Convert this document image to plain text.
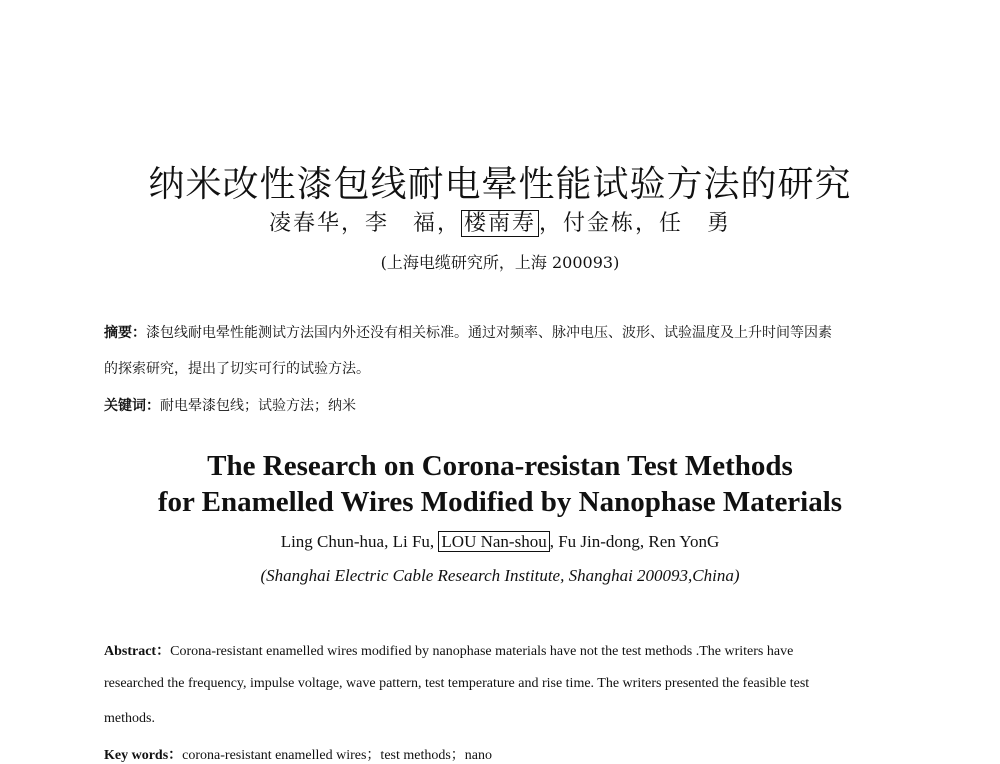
纳米改性漆包线耐电晕性能试验方法的研究
凌春华，李　福， 楼南寿 ，付金栋，任　勇
(上海电缆研究所，上海 200093)
摘要：漆包线耐电晕性能测试方法国内外还没有相关标准。通过对频率、脉冲电压、波形、试验温度及上升时间等因素
的探索研究，提出了切实可行的试验方法。
关键词：耐电晕漆包线；试验方法；纳米
The Research on Corona-resistan Test Methods
for Enamelled Wires Modified by Nanophase Materials
Ling Chun-hua, Li Fu, LOU Nan-shou , Fu Jin-dong, Ren YonG
(Shanghai Electric Cable Research Institute, Shanghai 200093,China)
Abstract：Corona-resistant enamelled wires modified by nanophase materials have not the test methods .The writers have
researched the frequency, impulse voltage, wave pattern, test temperature and rise time. The writers presented the feasible test
methods.
Key words：corona-resistant enamelled wires；test methods；nano
